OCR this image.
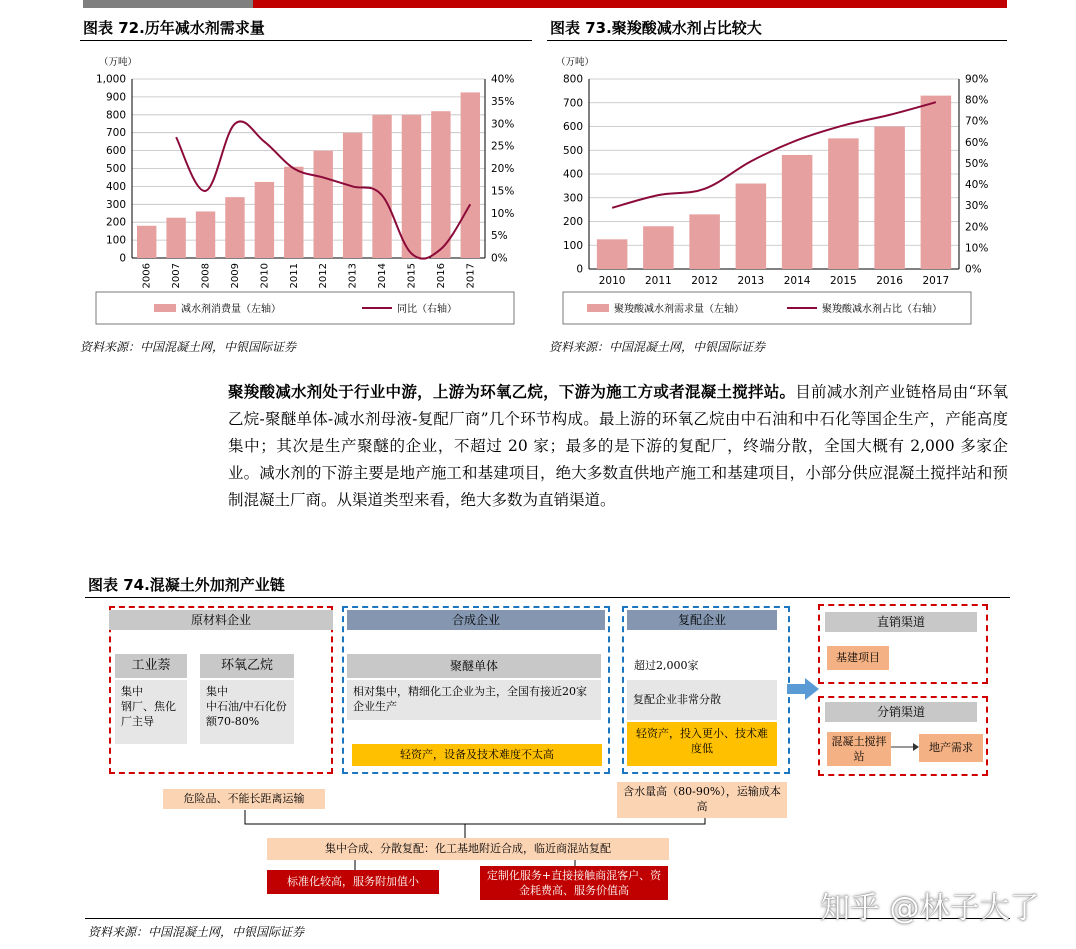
图表 72.历年减水剂需求量
（万吨）
0
100
200
300
400
500
600
700
800
900
1,000
0%
5%
10%
15%
20%
25%
30%
35%
40%
2006 2007 2008 2009 2010 2011 2012 2013 2014 2015 2016 2017
减水剂消费量（左轴）	同比（右轴）
资料来源：中国混凝土网，中银国际证券
图表 73.聚羧酸减水剂占比较大
（万吨）
0
100
200
300
400
500
600
700
800
0%
10%
20%
30%
40%
50%
60%
70%
80%
90%
2010 2011 2012 2013 2014 2015 2016 2017
聚羧酸减水剂需求量（左轴）	聚羧酸减水剂占比（右轴）
资料来源：中国混凝土网，中银国际证券
聚羧酸减水剂处于行业中游，上游为环氧乙烷，下游为施工方或者混凝土搅拌站。目前减水剂产业链格局由“环氧乙烷-聚醚单体-减水剂母液-复配厂商”几个环节构成。最上游的环氧乙烷由中石油和中石化等国企生产，产能高度集中；其次是生产聚醚的企业，不超过 20 家；最多的是下游的复配厂，终端分散，全国大概有 2,000 多家企业。减水剂的下游主要是地产施工和基建项目，绝大多数直供地产施工和基建项目，小部分供应混凝土搅拌站和预制混凝土厂商。从渠道类型来看，绝大多数为直销渠道。
图表 74.混凝土外加剂产业链
原材料企业
工业萘
集中
钢厂、焦化厂主导
环氧乙烷
集中
中石油/中石化份额70-80%
危险品、不能长距离运输
合成企业
聚醚单体
相对集中，精细化工企业为主，全国有接近20家企业生产
轻资产，设备及技术难度不太高
复配企业
超过2,000家
复配企业非常分散
轻资产，投入更小、技术难度低
含水量高（80-90%），运输成本高
直销渠道
基建项目
分销渠道
混凝土搅拌站
地产需求
集中合成、分散复配：化工基地附近合成，临近商混站复配
标准化较高，服务附加值小	定制化服务+直接接触商混客户、资金耗费高、服务价值高
资料来源：中国混凝土网，中银国际证券
知乎 @林子大了
